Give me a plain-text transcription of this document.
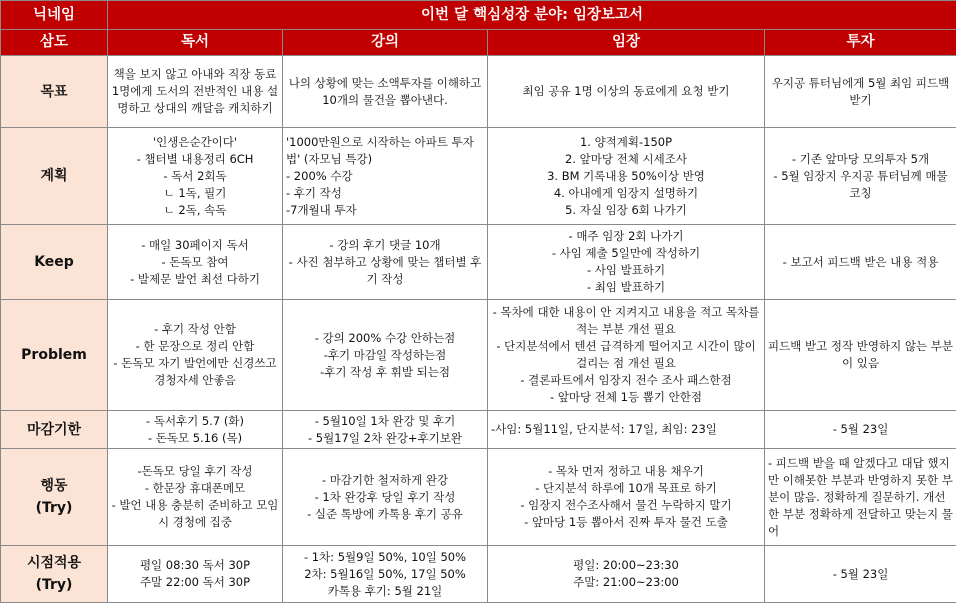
닉네임	이번 달 핵심성장 분야: 임장보고서			
삼도	독서	강의	임장	투자

목표	책을 보지 않고 아내와 직장 동료 1명에게 도서의 전반적인 내용 설명하고 상대의 깨달음 캐치하기	나의 상황에 맞는 소액투자를 이해하고 10개의 물건을 뽑아낸다.	최임 공유 1명 이상의 동료에게 요청 받기	우지공 튜터님에게 5월 최임 피드백 받기

계획	'인생은순간이다'
- 챕터별 내용정리 6CH
- 독서 2회독
ㄴ 1독, 필기
ㄴ 2독, 속독	'1000만원으로 시작하는 아파트 투자법' (자모님 특강)
- 200% 수강
- 후기 작성
-7개월내 투자	1. 양적계획-150P
2. 앞마당 전체 시세조사
3. BM 기록내용 50%이상 반영
4. 아내에게 임장지 설명하기
5. 자실 임장 6회 나가기	- 기존 앞마당 모의투자 5개
- 5월 임장지 우지공 튜터님께 매물코칭

Keep	- 매일 30페이지 독서
- 돈독모 참여
- 발제문 발언 최선 다하기	- 강의 후기 댓글 10개
- 사진 첨부하고 상황에 맞는 챕터별 후기 작성	- 매주 임장 2회 나가기
- 사임 제출 5일만에 작성하기
- 사임 발표하기
- 최임 발표하기	- 보고서 피드백 받은 내용 적용

Problem	- 후기 작성 안함
- 한 문장으로 정리 안함
- 돈독모 자기 발언에만 신경쓰고 경청자세 안좋음	- 강의 200% 수강 안하는점
-후기 마감일 작성하는점
-후기 작성 후 휘발 되는점	- 목차에 대한 내용이 안 지켜지고 내용을 적고 목차를 적는 부분 개선 필요
- 단지분석에서 텐션 급격하게 떨어지고 시간이 많이 걸리는 점 개선 필요
- 결론파트에서 임장지 전수 조사 패스한점
- 앞마당 전체 1등 뽑기 안한점	피드백 받고 정작 반영하지 않는 부분이 있음

마감기한	- 독서후기 5.7 (화)
- 돈독모 5.16 (목)	- 5월10일 1차 완강 및 후기
- 5월17일 2차 완강+후기보완	-사임: 5월11일, 단지분석: 17일, 최임: 23일	- 5월 23일

행동
(Try)	-돈독모 당일 후기 작성
- 한문장 휴대폰메모
- 발언 내용 충분히 준비하고 모임 시 경청에 집중	- 마감기한 철저하게 완강
- 1차 완강후 당일 후기 작성
- 실준 톡방에 카톡용 후기 공유	- 목차 먼저 정하고 내용 채우기
- 단지분석 하루에 10개 목표로 하기
- 임장지 전수조사해서 물건 누락하지 말기
- 앞마당 1등 뽑아서 진짜 투자 물건 도출	- 피드백 받을 때 알겠다고 대답 했지만 이해못한 부분과 반영하지 못한 부분이 많음. 정확하게 질문하기. 개선한 부분 정확하게 전달하고 맞는지 물어

시점적용
(Try)	평일 08:30 독서 30P
주말 22:00 독서 30P	- 1차: 5월9일 50%, 10일 50%
2차: 5월16일 50%, 17일 50%
카톡용 후기: 5월 21일	평일: 20:00~23:30
주말: 21:00~23:00	- 5월 23일
